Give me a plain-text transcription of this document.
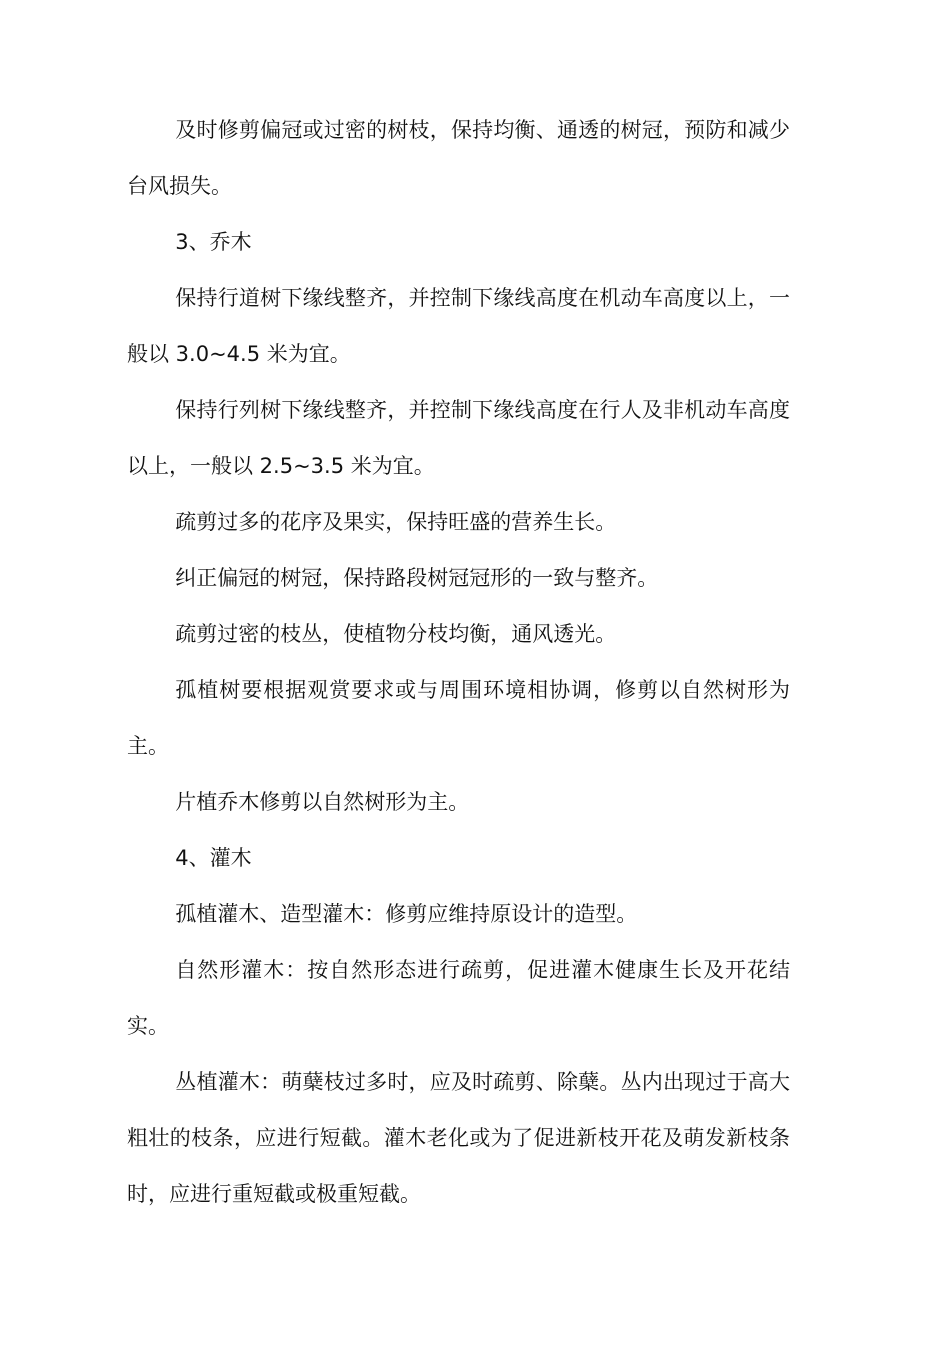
及时修剪偏冠或过密的树枝，保持均衡、通透的树冠，预防和减少台风损失。

3、乔木

保持行道树下缘线整齐，并控制下缘线高度在机动车高度以上，一般以 3.0~4.5 米为宜。

保持行列树下缘线整齐，并控制下缘线高度在行人及非机动车高度以上，一般以 2.5~3.5 米为宜。

疏剪过多的花序及果实，保持旺盛的营养生长。

纠正偏冠的树冠，保持路段树冠冠形的一致与整齐。

疏剪过密的枝丛，使植物分枝均衡，通风透光。

孤植树要根据观赏要求或与周围环境相协调，修剪以自然树形为主。

片植乔木修剪以自然树形为主。

4、灌木

孤植灌木、造型灌木：修剪应维持原设计的造型。

自然形灌木：按自然形态进行疏剪，促进灌木健康生长及开花结实。

丛植灌木：萌蘖枝过多时，应及时疏剪、除蘖。丛内出现过于高大粗壮的枝条，应进行短截。灌木老化或为了促进新枝开花及萌发新枝条时，应进行重短截或极重短截。
